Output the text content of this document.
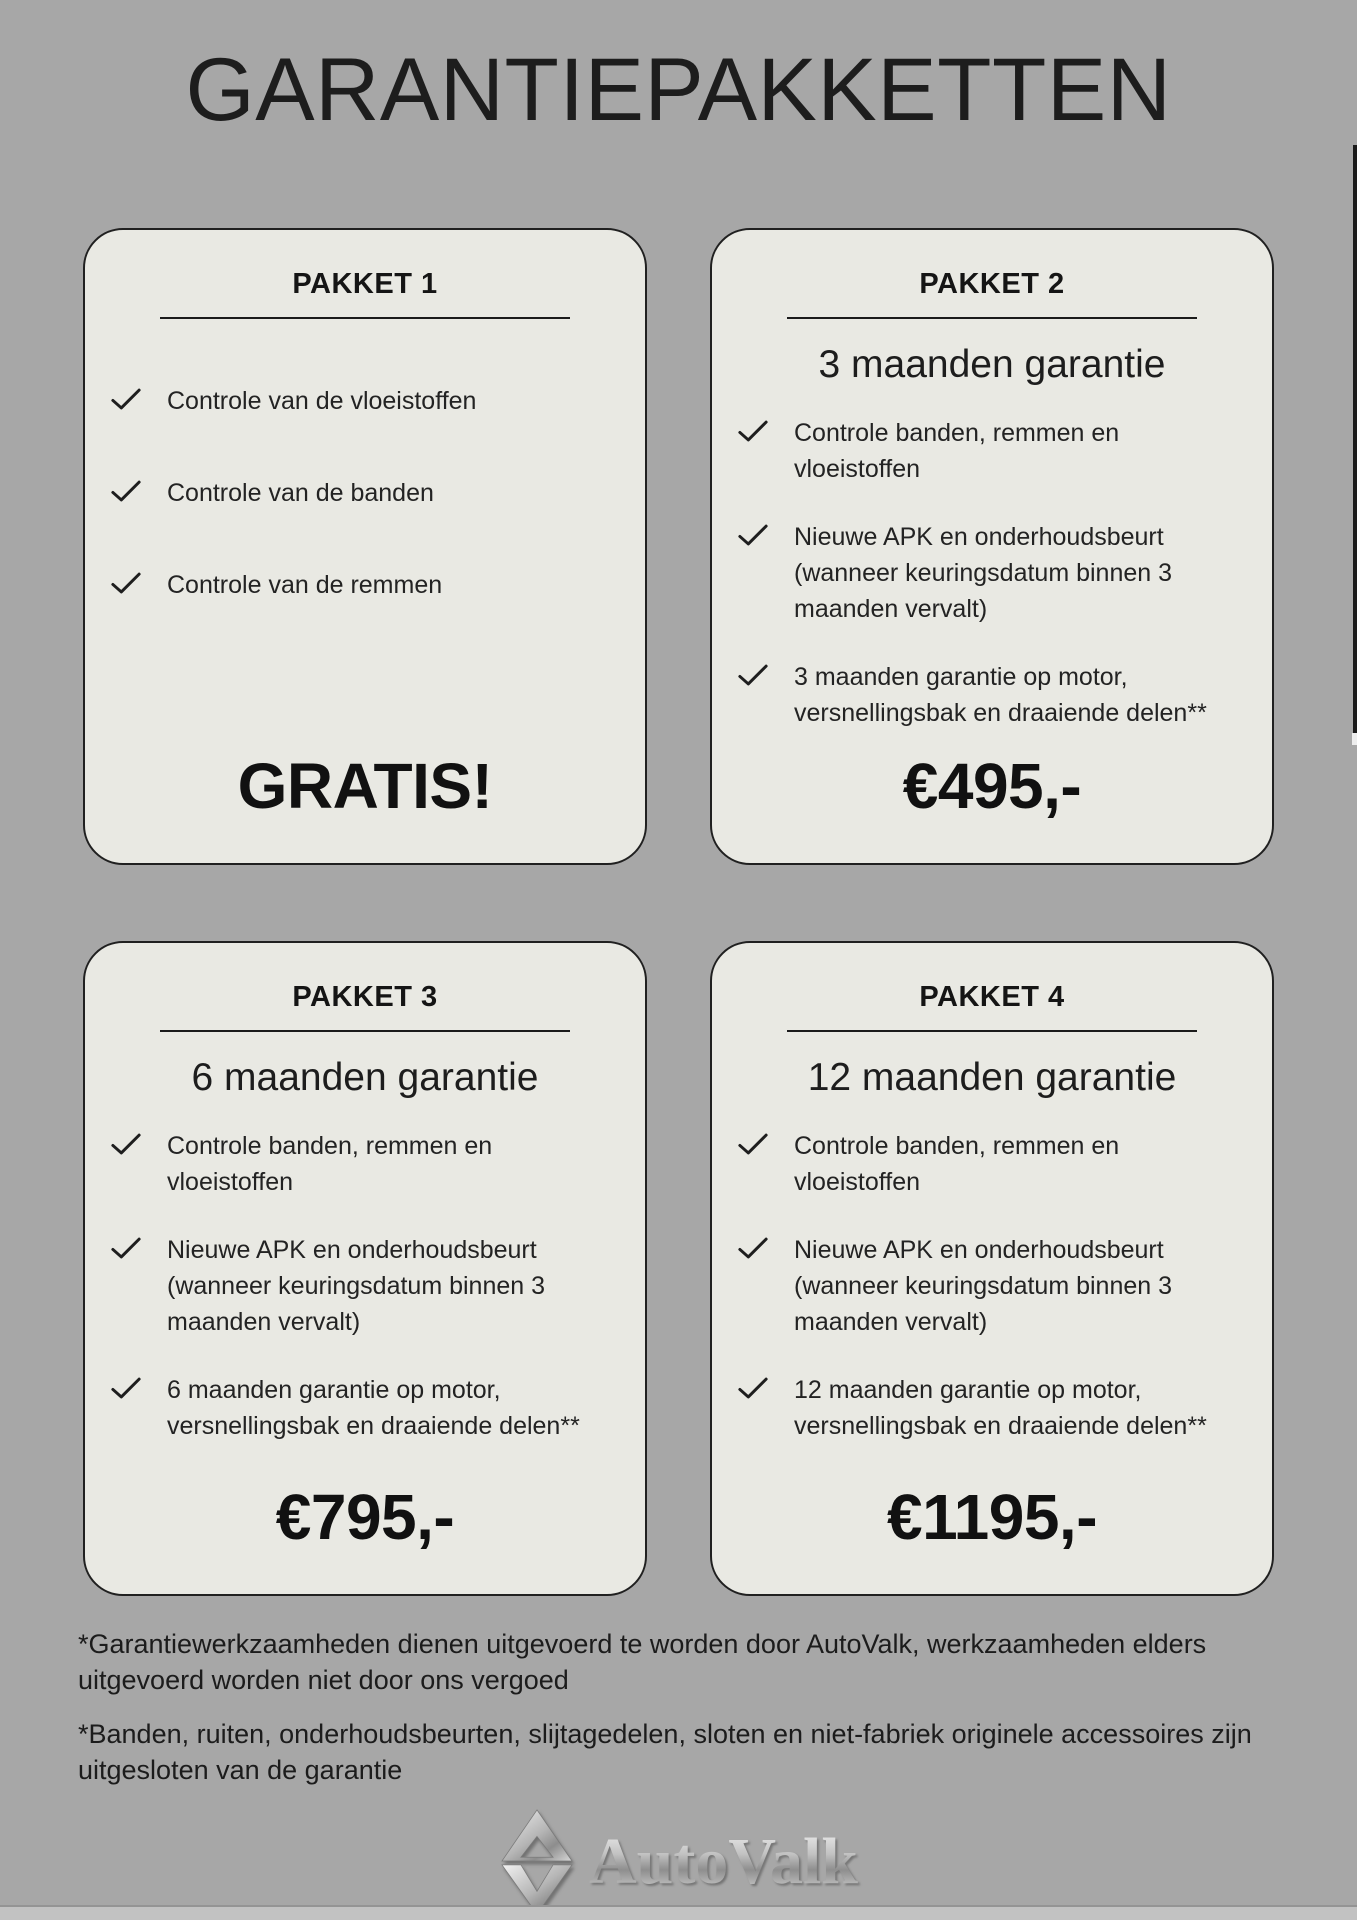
GARANTIEPAKKETTEN
PAKKET 1
Controle van de vloeistoffen
Controle van de banden
Controle van de remmen
GRATIS!
PAKKET 2
3 maanden garantie
Controle banden, remmen en vloeistoffen
Nieuwe APK en onderhoudsbeurt (wanneer keuringsdatum binnen 3 maanden vervalt)
3 maanden garantie op motor, versnellingsbak en draaiende delen**
€495,-
PAKKET 3
6 maanden garantie
Controle banden, remmen en vloeistoffen
Nieuwe APK en onderhoudsbeurt (wanneer keuringsdatum binnen 3 maanden vervalt)
6 maanden garantie op motor, versnellingsbak en draaiende delen**
€795,-
PAKKET 4
12 maanden garantie
Controle banden, remmen en vloeistoffen
Nieuwe APK en onderhoudsbeurt (wanneer keuringsdatum binnen 3 maanden vervalt)
12 maanden garantie op motor, versnellingsbak en draaiende delen**
€1195,-

*Garantiewerkzaamheden dienen uitgevoerd te worden door AutoValk, werkzaamheden elders uitgevoerd worden niet door ons vergoed

*Banden, ruiten, onderhoudsbeurten, slijtagedelen, sloten en niet-fabriek originele accessoires zijn uitgesloten van de garantie

AutoValk
